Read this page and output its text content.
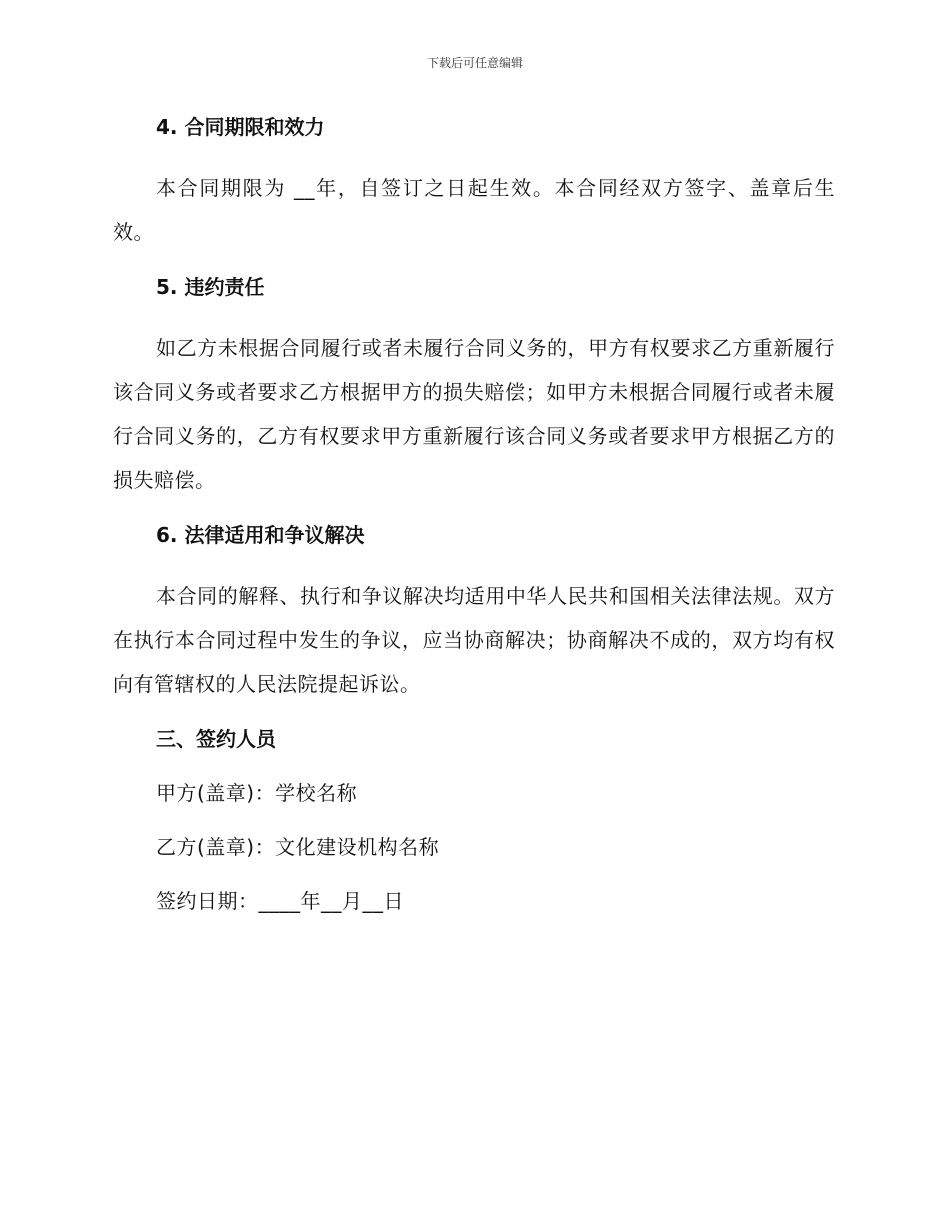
下载后可任意编辑
4. 合同期限和效力

本合同期限为 __年，自签订之日起生效。本合同经双方签字、盖章后生效。

5. 违约责任

如乙方未根据合同履行或者未履行合同义务的，甲方有权要求乙方重新履行该合同义务或者要求乙方根据甲方的损失赔偿；如甲方未根据合同履行或者未履行合同义务的，乙方有权要求甲方重新履行该合同义务或者要求甲方根据乙方的损失赔偿。

6. 法律适用和争议解决

本合同的解释、执行和争议解决均适用中华人民共和国相关法律法规。双方在执行本合同过程中发生的争议，应当协商解决；协商解决不成的，双方均有权向有管辖权的人民法院提起诉讼。

三、签约人员
甲方(盖章)：学校名称
乙方(盖章)：文化建设机构名称
签约日期：____年__月__日
